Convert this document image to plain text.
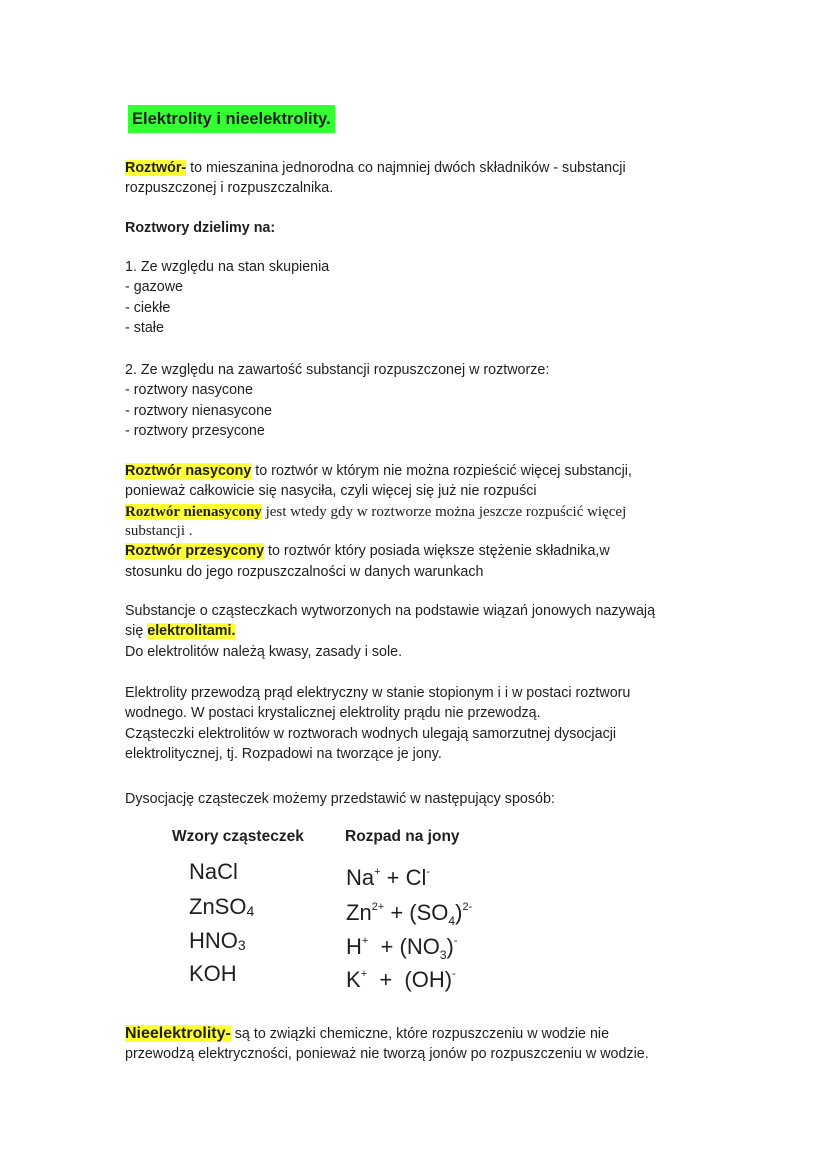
Elektrolity i nieelektrolity.
Roztwór- to mieszanina jednorodna co najmniej dwóch składników - substancji
rozpuszczonej i rozpuszczalnika.
Roztwory dzielimy na:
1. Ze względu na stan skupienia
- gazowe
- ciekłe
- stałe
2. Ze względu na zawartość substancji rozpuszczonej w roztworze:
- roztwory nasycone
- roztwory nienasycone
- roztwory przesycone
Roztwór nasycony to roztwór w którym nie można rozpieścić więcej substancji,
ponieważ całkowicie się nasyciła, czyli więcej się już nie rozpuści
Roztwór nienasycony jest wtedy gdy w roztworze można jeszcze rozpuścić więcej
substancji .
Roztwór przesycony to roztwór który posiada większe stężenie składnika,w
stosunku do jego rozpuszczalności w danych warunkach
Substancje o cząsteczkach wytworzonych na podstawie wiązań jonowych nazywają
się elektrolitami.
Do elektrolitów należą kwasy, zasady i sole.
Elektrolity przewodzą prąd elektryczny w stanie stopionym i i w postaci roztworu
wodnego. W postaci krystalicznej elektrolity prądu nie przewodzą.
Cząsteczki elektrolitów w roztworach wodnych ulegają samorzutnej dysocjacji
elektrolitycznej, tj. Rozpadowi na tworzące je jony.
Dysocjację cząsteczek możemy przedstawić w następujący sposób:
Wzory cząsteczek	Rozpad na jony
NaCl	Na+ + Cl-
ZnSO$_4$	$Zn^{2+} + (SO_4)^{2-}$
$HNO_3$	$H^+ + (NO_3)^-$
KOH	K+  +  (OH)-
Nieelektrolity- są to związki chemiczne, które rozpuszczeniu w wodzie nie
przewodzą elektryczności, ponieważ nie tworzą jonów po rozpuszczeniu w wodzie.
